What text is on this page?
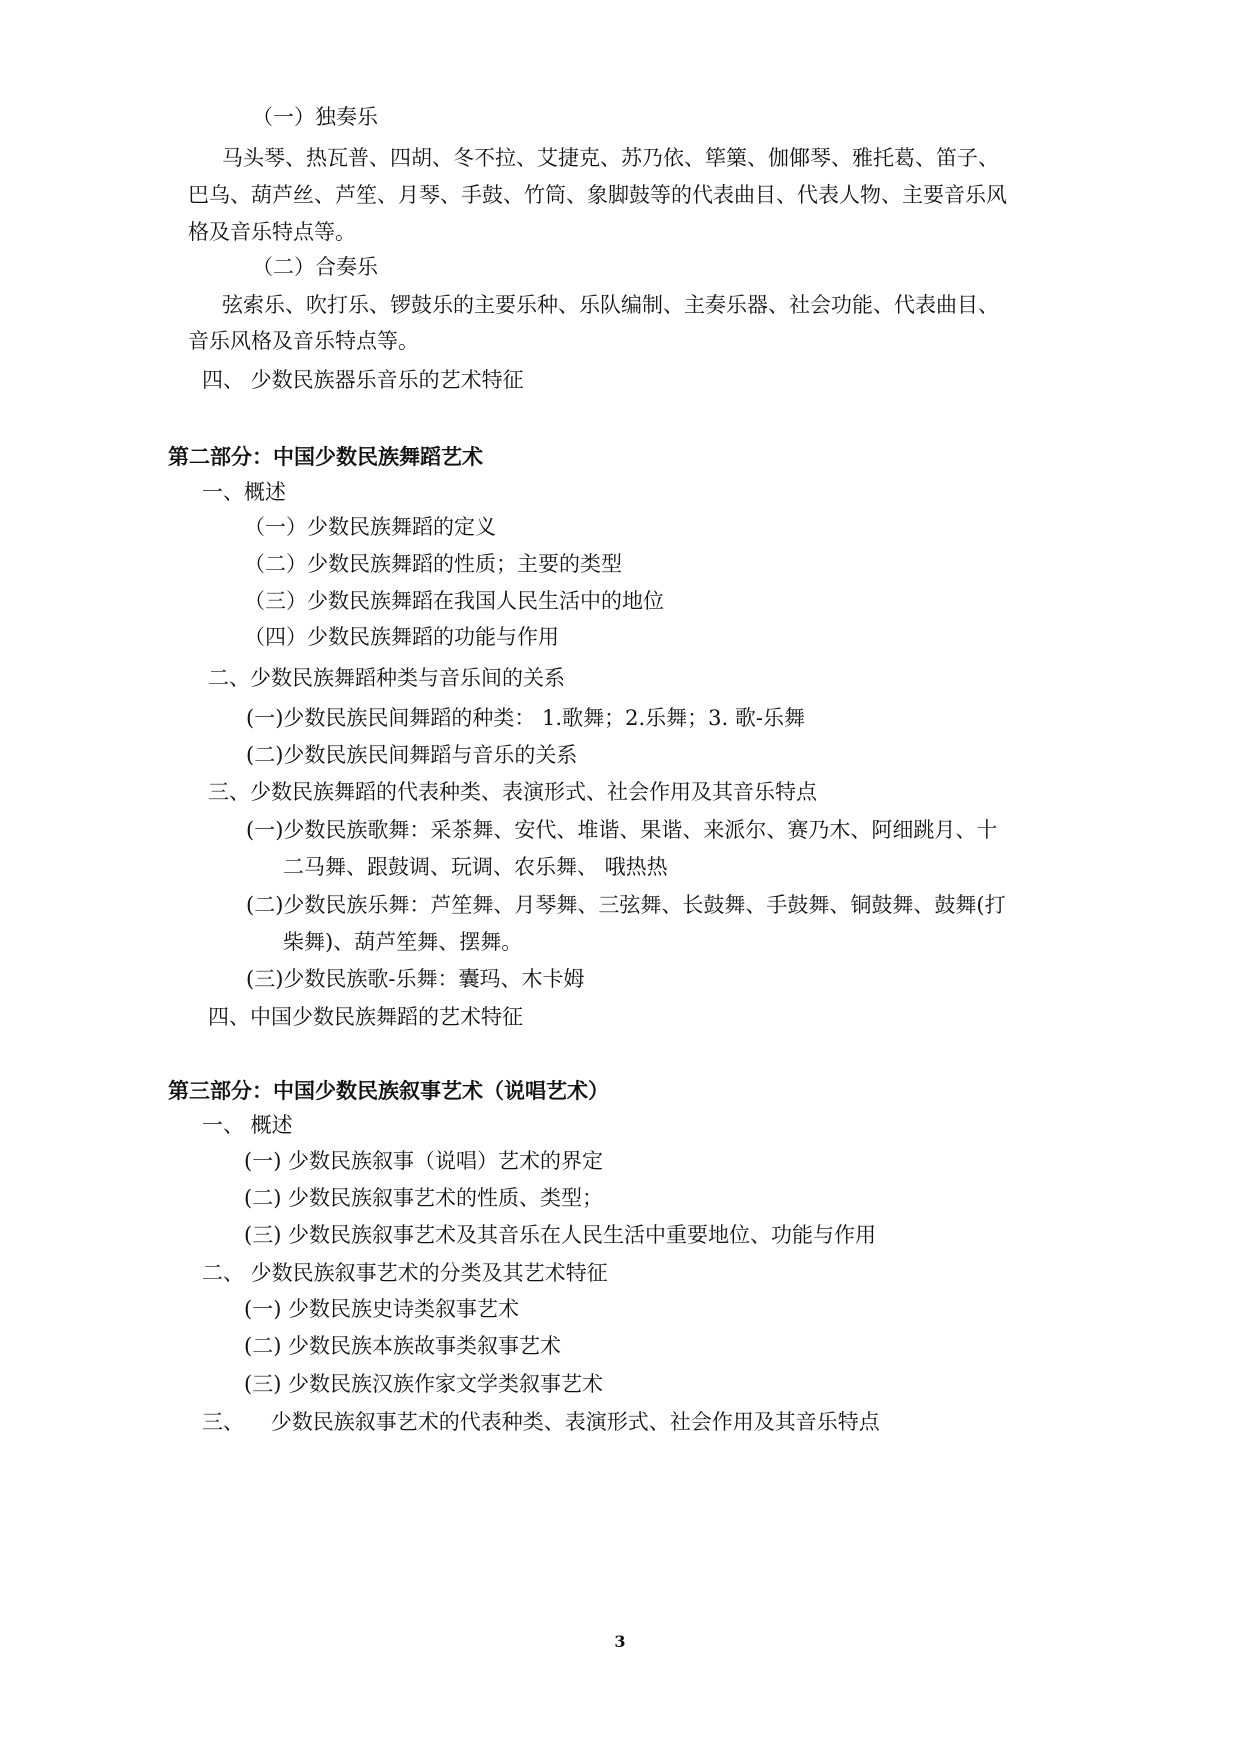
（一）独奏乐
马头琴、热瓦普、四胡、冬不拉、艾捷克、苏乃依、筚篥、伽倻琴、雅托葛、笛子、
巴乌、葫芦丝、芦笙、月琴、手鼓、竹筒、象脚鼓等的代表曲目、代表人物、主要音乐风
格及音乐特点等。
（二）合奏乐
弦索乐、吹打乐、锣鼓乐的主要乐种、乐队编制、主奏乐器、社会功能、代表曲目、
音乐风格及音乐特点等。
四、 少数民族器乐音乐的艺术特征
第二部分：中国少数民族舞蹈艺术
一、概述
（一）少数民族舞蹈的定义
（二）少数民族舞蹈的性质；主要的类型
（三）少数民族舞蹈在我国人民生活中的地位
（四）少数民族舞蹈的功能与作用
二、少数民族舞蹈种类与音乐间的关系
(一)少数民族民间舞蹈的种类： 1.歌舞；2.乐舞；3. 歌-乐舞
(二)少数民族民间舞蹈与音乐的关系
三、少数民族舞蹈的代表种类、表演形式、社会作用及其音乐特点
(一)少数民族歌舞：采茶舞、安代、堆谐、果谐、来派尔、赛乃木、阿细跳月、十
二马舞、跟鼓调、玩调、农乐舞、 哦热热
(二)少数民族乐舞：芦笙舞、月琴舞、三弦舞、长鼓舞、手鼓舞、铜鼓舞、鼓舞(打
柴舞)、葫芦笙舞、摆舞。
(三)少数民族歌-乐舞：囊玛、木卡姆
四、中国少数民族舞蹈的艺术特征
第三部分：中国少数民族叙事艺术（说唱艺术）
一、 概述
(一) 少数民族叙事（说唱）艺术的界定
(二) 少数民族叙事艺术的性质、类型；
(三) 少数民族叙事艺术及其音乐在人民生活中重要地位、功能与作用
二、 少数民族叙事艺术的分类及其艺术特征
(一) 少数民族史诗类叙事艺术
(二) 少数民族本族故事类叙事艺术
(三) 少数民族汉族作家文学类叙事艺术
三、    少数民族叙事艺术的代表种类、表演形式、社会作用及其音乐特点
3
